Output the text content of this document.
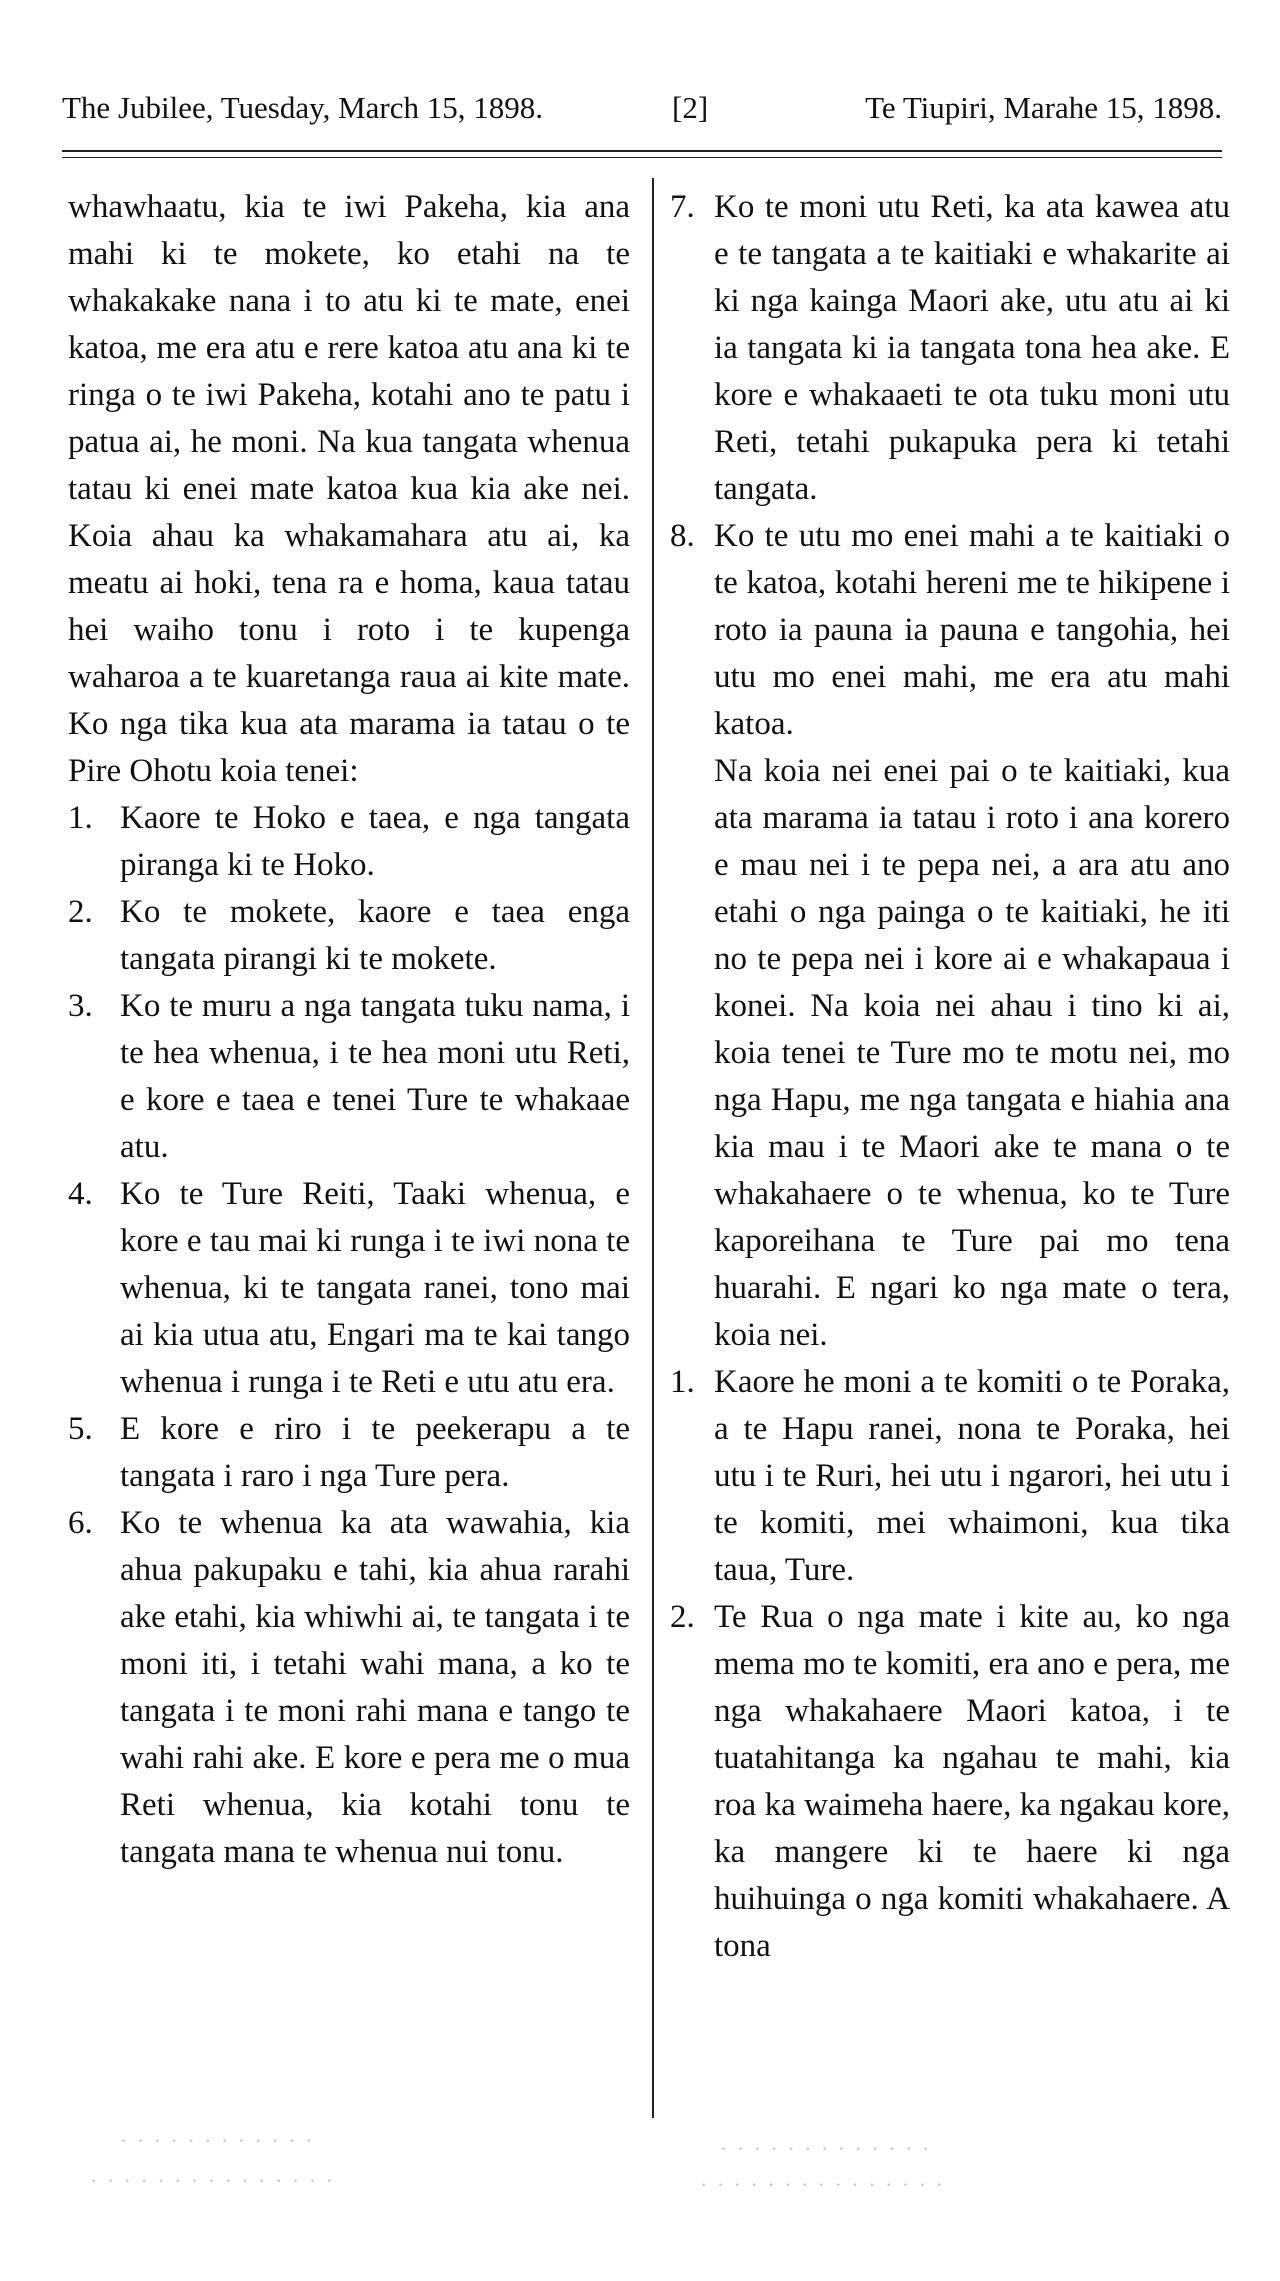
The Jubilee, Tuesday, March 15, 1898.	[2]	Te Tiupiri, Marahe 15, 1898.

whawhaatu, kia te iwi Pakeha, kia ana mahi ki te mokete, ko etahi na te whakakake nana i to atu ki te mate, enei katoa, me era atu e rere katoa atu ana ki te ringa o te iwi Pakeha, kotahi ano te patu i patua ai, he moni. Na kua tangata whenua tatau ki enei mate katoa kua kia ake nei. Koia ahau ka whakamahara atu ai, ka meatu ai hoki, tena ra e homa, kaua tatau hei waiho tonu i roto i te kupenga waharoa a te kuaretanga raua ai kite mate. Ko nga tika kua ata marama ia tatau o te Pire Ohotu koia tenei:

1. Kaore te Hoko e taea, e nga tangata piranga ki te Hoko.
2. Ko te mokete, kaore e taea enga tangata pirangi ki te mokete.
3. Ko te muru a nga tangata tuku nama, i te hea whenua, i te hea moni utu Reti, e kore e taea e tenei Ture te whakaae atu.
4. Ko te Ture Reiti, Taaki whenua, e kore e tau mai ki runga i te iwi nona te whenua, ki te tangata ranei, tono mai ai kia utua atu, Engari ma te kai tango whenua i runga i te Reti e utu atu era.
5. E kore e riro i te peekerapu a te tangata i raro i nga Ture pera.
6. Ko te whenua ka ata wawahia, kia ahua pakupaku e tahi, kia ahua rarahi ake etahi, kia whiwhi ai, te tangata i te moni iti, i tetahi wahi mana, a ko te tangata i te moni rahi mana e tango te wahi rahi ake. E kore e pera me o mua Reti whenua, kia kotahi tonu te tangata mana te whenua nui tonu.
7. Ko te moni utu Reti, ka ata kawea atu e te tangata a te kaitiaki e whakarite ai ki nga kainga Maori ake, utu atu ai ki ia tangata ki ia tangata tona hea ake. E kore e whakaaeti te ota tuku moni utu Reti, tetahi pukapuka pera ki tetahi tangata.
8. Ko te utu mo enei mahi a te kaitiaki o te katoa, kotahi hereni me te hikipene i roto ia pauna ia pauna e tangohia, hei utu mo enei mahi, me era atu mahi katoa.

Na koia nei enei pai o te kaitiaki, kua ata marama ia tatau i roto i ana korero e mau nei i te pepa nei, a ara atu ano etahi o nga painga o te kaitiaki, he iti no te pepa nei i kore ai e whakapaua i konei. Na koia nei ahau i tino ki ai, koia tenei te Ture mo te motu nei, mo nga Hapu, me nga tangata e hiahia ana kia mau i te Maori ake te mana o te whakahaere o te whenua, ko te Ture kaporeihana te Ture pai mo tena huarahi. E ngari ko nga mate o tera, koia nei.

1. Kaore he moni a te komiti o te Poraka, a te Hapu ranei, nona te Poraka, hei utu i te Ruri, hei utu i ngarori, hei utu i te komiti, mei whaimoni, kua tika taua, Ture.
2. Te Rua o nga mate i kite au, ko nga mema mo te komiti, era ano e pera, me nga whakahaere Maori katoa, i te tuatahitanga ka ngahau te mahi, kia roa ka waimeha haere, ka ngakau kore, ka mangere ki te haere ki nga huihuinga o nga komiti whakahaere. A tona
· · · · · · · · · · · ·	· · · · · · · · · · · · ·
· · · · · · · · · · · · · · ·	· · · · · · · · · · · · · · ·
